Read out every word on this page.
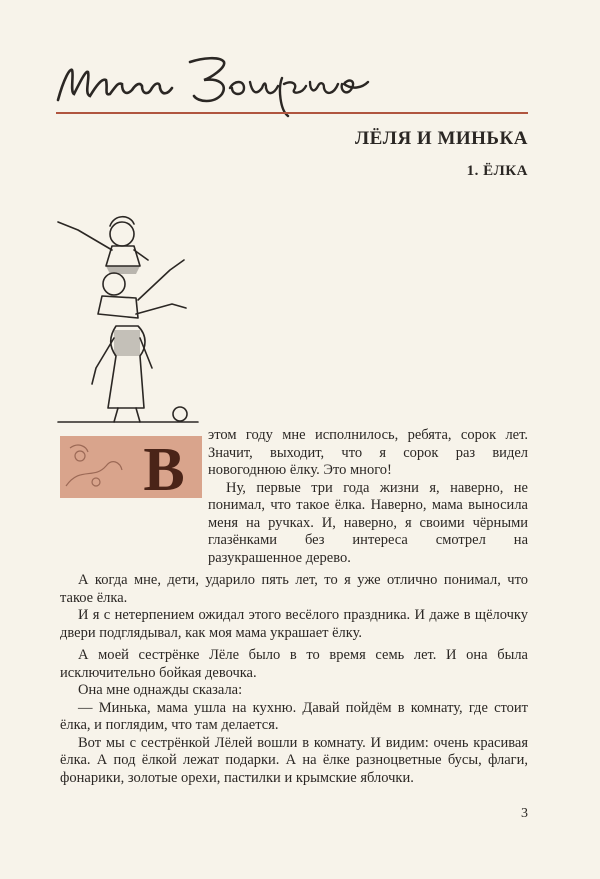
ЛЁЛЯ И МИНЬКА
1. ЁЛКА
В

этом году мне исполнилось, ребята, сорок лет. Значит, выходит, что я сорок раз видел новогоднюю ёлку. Это много!

Ну, первые три года жизни я, наверно, не понимал, что такое ёлка. Наверно, мама выносила меня на ручках. И, наверно, я своими чёрными глазёнками без интереса смотрел на разукрашенное дерево.

А когда мне, дети, ударило пять лет, то я уже отлично понимал, что такое ёлка.

И я с нетерпением ожидал этого весёлого праздника. И даже в щёлочку двери подглядывал, как моя мама украшает ёлку.

А моей сестрёнке Лёле было в то время семь лет. И она была исключительно бойкая девочка.

Она мне однажды сказала:

— Минька, мама ушла на кухню. Давай пойдём в комнату, где стоит ёлка, и поглядим, что там делается.

Вот мы с сестрёнкой Лёлей вошли в комнату. И видим: очень красивая ёлка. А под ёлкой лежат подарки. А на ёлке разноцветные бусы, флаги, фонарики, золотые орехи, пастилки и крымские яблочки.

3
